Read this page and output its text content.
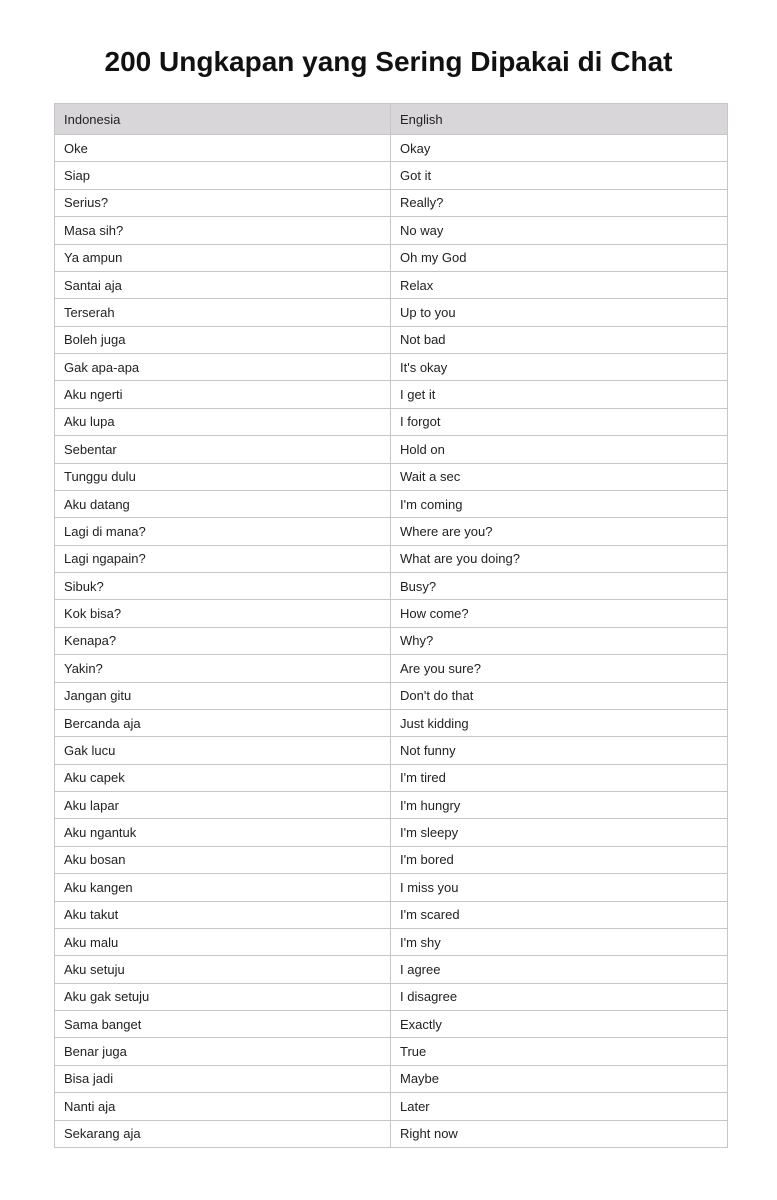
200 Ungkapan yang Sering Dipakai di Chat
Indonesia	English
Oke	Okay
Siap	Got it
Serius?	Really?
Masa sih?	No way
Ya ampun	Oh my God
Santai aja	Relax
Terserah	Up to you
Boleh juga	Not bad
Gak apa-apa	It's okay
Aku ngerti	I get it
Aku lupa	I forgot
Sebentar	Hold on
Tunggu dulu	Wait a sec
Aku datang	I'm coming
Lagi di mana?	Where are you?
Lagi ngapain?	What are you doing?
Sibuk?	Busy?
Kok bisa?	How come?
Kenapa?	Why?
Yakin?	Are you sure?
Jangan gitu	Don't do that
Bercanda aja	Just kidding
Gak lucu	Not funny
Aku capek	I'm tired
Aku lapar	I'm hungry
Aku ngantuk	I'm sleepy
Aku bosan	I'm bored
Aku kangen	I miss you
Aku takut	I'm scared
Aku malu	I'm shy
Aku setuju	I agree
Aku gak setuju	I disagree
Sama banget	Exactly
Benar juga	True
Bisa jadi	Maybe
Nanti aja	Later
Sekarang aja	Right now
